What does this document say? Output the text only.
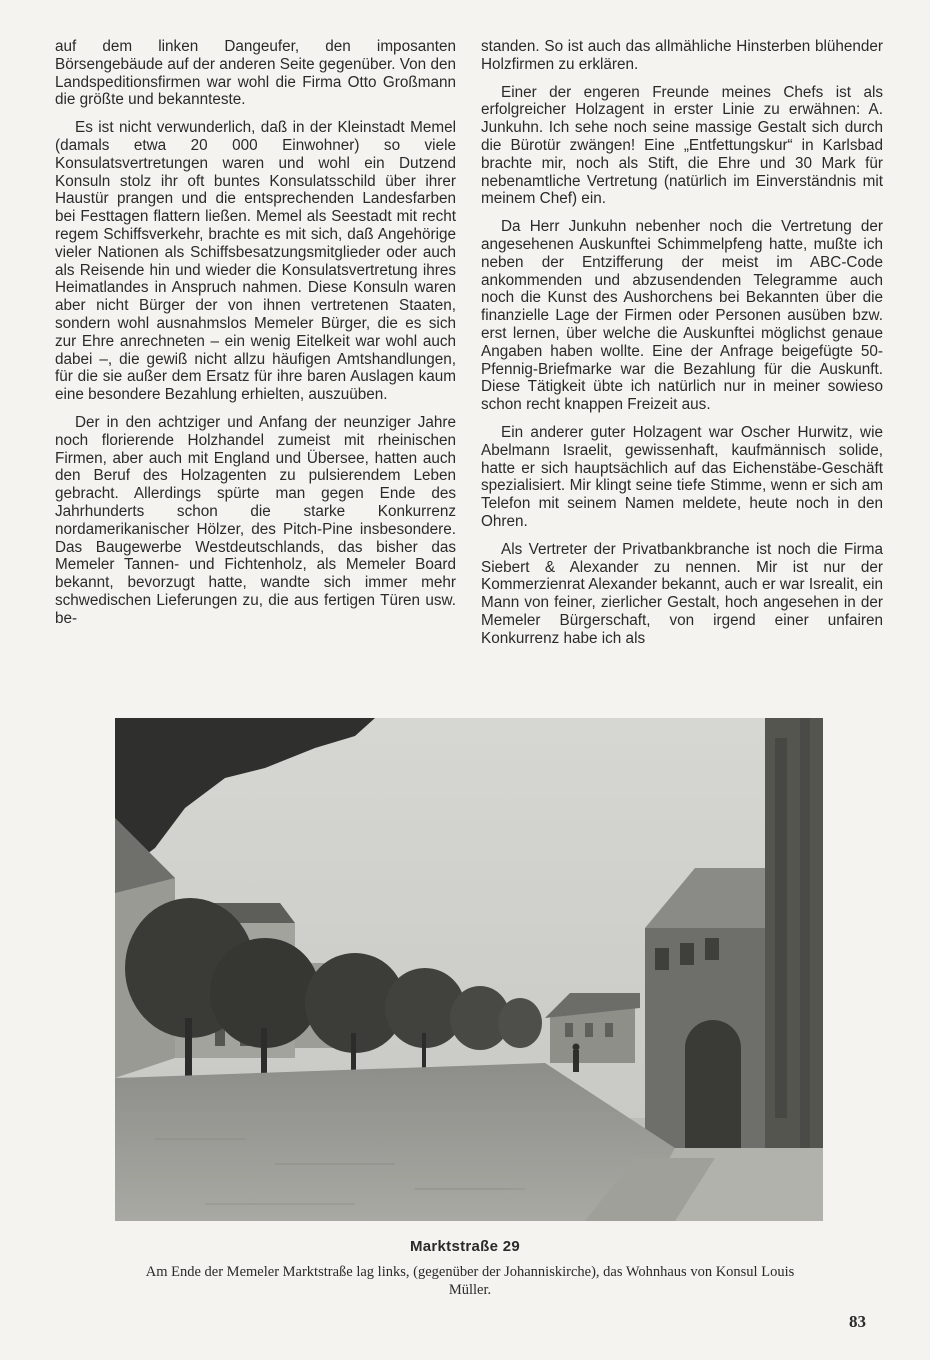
auf dem linken Dangeufer, den imposanten Börsengebäude auf der anderen Seite gegenüber. Von den Landspeditionsfirmen war wohl die Firma Otto Großmann die größte und bekannteste.

Es ist nicht verwunderlich, daß in der Kleinstadt Memel (damals etwa 20 000 Einwohner) so viele Konsulatsvertretungen waren und wohl ein Dutzend Konsuln stolz ihr oft buntes Konsulatsschild über ihrer Haustür prangen und die entsprechenden Landesfarben bei Festtagen flattern ließen. Memel als Seestadt mit recht regem Schiffsverkehr, brachte es mit sich, daß Angehörige vieler Nationen als Schiffsbesatzungsmitglieder oder auch als Reisende hin und wieder die Konsulatsvertretung ihres Heimatlandes in Anspruch nahmen. Diese Konsuln waren aber nicht Bürger der von ihnen vertretenen Staaten, sondern wohl ausnahmslos Memeler Bürger, die es sich zur Ehre anrechneten – ein wenig Eitelkeit war wohl auch dabei –, die gewiß nicht allzu häufigen Amtshandlungen, für die sie außer dem Ersatz für ihre baren Auslagen kaum eine besondere Bezahlung erhielten, auszuüben.

Der in den achtziger und Anfang der neunziger Jahre noch florierende Holzhandel zumeist mit rheinischen Firmen, aber auch mit England und Übersee, hatten auch den Beruf des Holzagenten zu pulsierendem Leben gebracht. Allerdings spürte man gegen Ende des Jahrhunderts schon die starke Konkurrenz nordamerikanischer Hölzer, des Pitch-Pine insbesondere. Das Baugewerbe Westdeutschlands, das bisher das Memeler Tannen- und Fichtenholz, als Memeler Board bekannt, bevorzugt hatte, wandte sich immer mehr schwedischen Lieferungen zu, die aus fertigen Türen usw. be-

standen. So ist auch das allmähliche Hinsterben blühender Holzfirmen zu erklären.

Einer der engeren Freunde meines Chefs ist als erfolgreicher Holzagent in erster Linie zu erwähnen: A. Junkuhn. Ich sehe noch seine massige Gestalt sich durch die Bürotür zwängen! Eine „Entfettungskur“ in Karlsbad brachte mir, noch als Stift, die Ehre und 30 Mark für nebenamtliche Vertretung (natürlich im Einverständnis mit meinem Chef) ein.

Da Herr Junkuhn nebenher noch die Vertretung der angesehenen Auskunftei Schimmelpfeng hatte, mußte ich neben der Entzifferung der meist im ABC-Code ankommenden und abzusendenden Telegramme auch noch die Kunst des Aushorchens bei Bekannten über die finanzielle Lage der Firmen oder Personen ausüben bzw. erst lernen, über welche die Auskunftei möglichst genaue Angaben haben wollte. Eine der Anfrage beigefügte 50-Pfennig-Briefmarke war die Bezahlung für die Auskunft. Diese Tätigkeit übte ich natürlich nur in meiner sowieso schon recht knappen Freizeit aus.

Ein anderer guter Holzagent war Oscher Hurwitz, wie Abelmann Israelit, gewissenhaft, kaufmännisch solide, hatte er sich hauptsächlich auf das Eichenstäbe-Geschäft spezialisiert. Mir klingt seine tiefe Stimme, wenn er sich am Telefon mit seinem Namen meldete, heute noch in den Ohren.

Als Vertreter der Privatbankbranche ist noch die Firma Siebert & Alexander zu nennen. Mir ist nur der Kommerzienrat Alexander bekannt, auch er war Isrealit, ein Mann von feiner, zierlicher Gestalt, hoch angesehen in der Memeler Bürgerschaft, von irgend einer unfairen Konkurrenz habe ich als

Marktstraße 29
Am Ende der Memeler Marktstraße lag links, (gegenüber der Johanniskirche), das Wohnhaus von Konsul Louis Müller.
83
